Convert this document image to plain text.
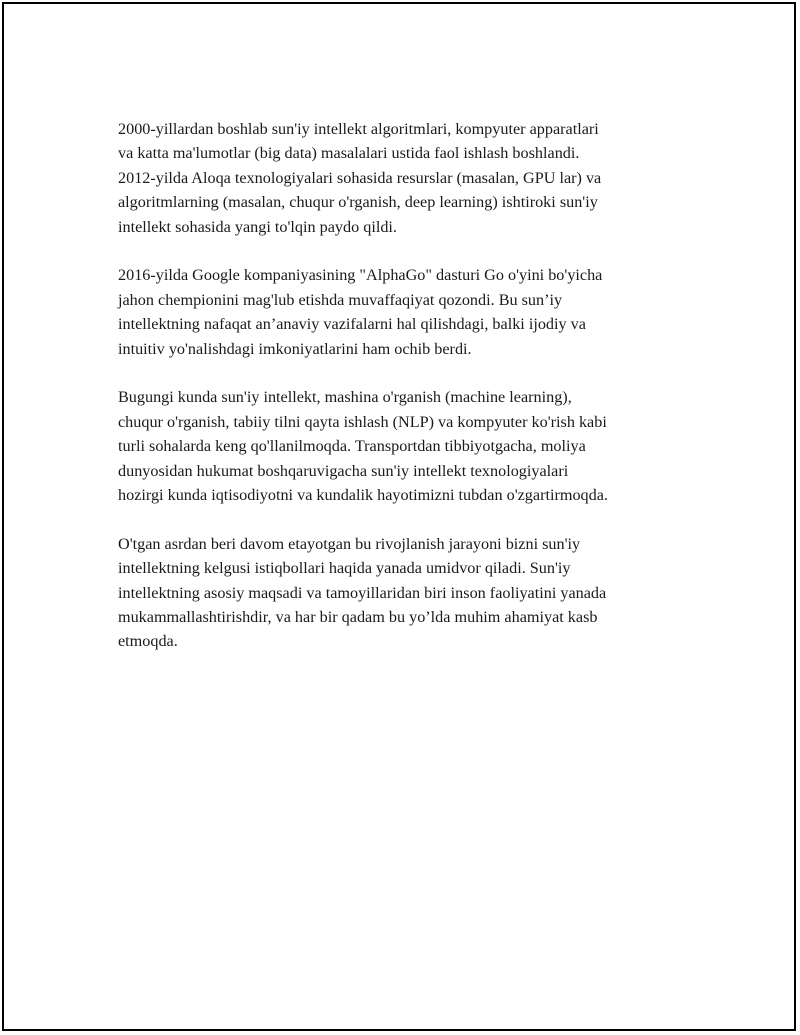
2000-yillardan boshlab sun'iy intellekt algoritmlari, kompyuter apparatlari
va katta ma'lumotlar (big data) masalalari ustida faol ishlash boshlandi.
2012-yilda Aloqa texnologiyalari sohasida resurslar (masalan, GPU lar) va
algoritmlarning (masalan, chuqur o'rganish, deep learning) ishtiroki sun'iy
intellekt sohasida yangi to'lqin paydo qildi.

2016-yilda Google kompaniyasining "AlphaGo" dasturi Go o'yini bo'yicha
jahon chempionini mag'lub etishda muvaffaqiyat qozondi. Bu sun’iy
intellektning nafaqat an’anaviy vazifalarni hal qilishdagi, balki ijodiy va
intuitiv yo'nalishdagi imkoniyatlarini ham ochib berdi.

Bugungi kunda sun'iy intellekt, mashina o'rganish (machine learning),
chuqur o'rganish, tabiiy tilni qayta ishlash (NLP) va kompyuter ko'rish kabi
turli sohalarda keng qo'llanilmoqda. Transportdan tibbiyotgacha, moliya
dunyosidan hukumat boshqaruvigacha sun'iy intellekt texnologiyalari
hozirgi kunda iqtisodiyotni va kundalik hayotimizni tubdan o'zgartirmoqda.

O'tgan asrdan beri davom etayotgan bu rivojlanish jarayoni bizni sun'iy
intellektning kelgusi istiqbollari haqida yanada umidvor qiladi. Sun'iy
intellektning asosiy maqsadi va tamoyillaridan biri inson faoliyatini yanada
mukammallashtirishdir, va har bir qadam bu yo’lda muhim ahamiyat kasb
etmoqda.
